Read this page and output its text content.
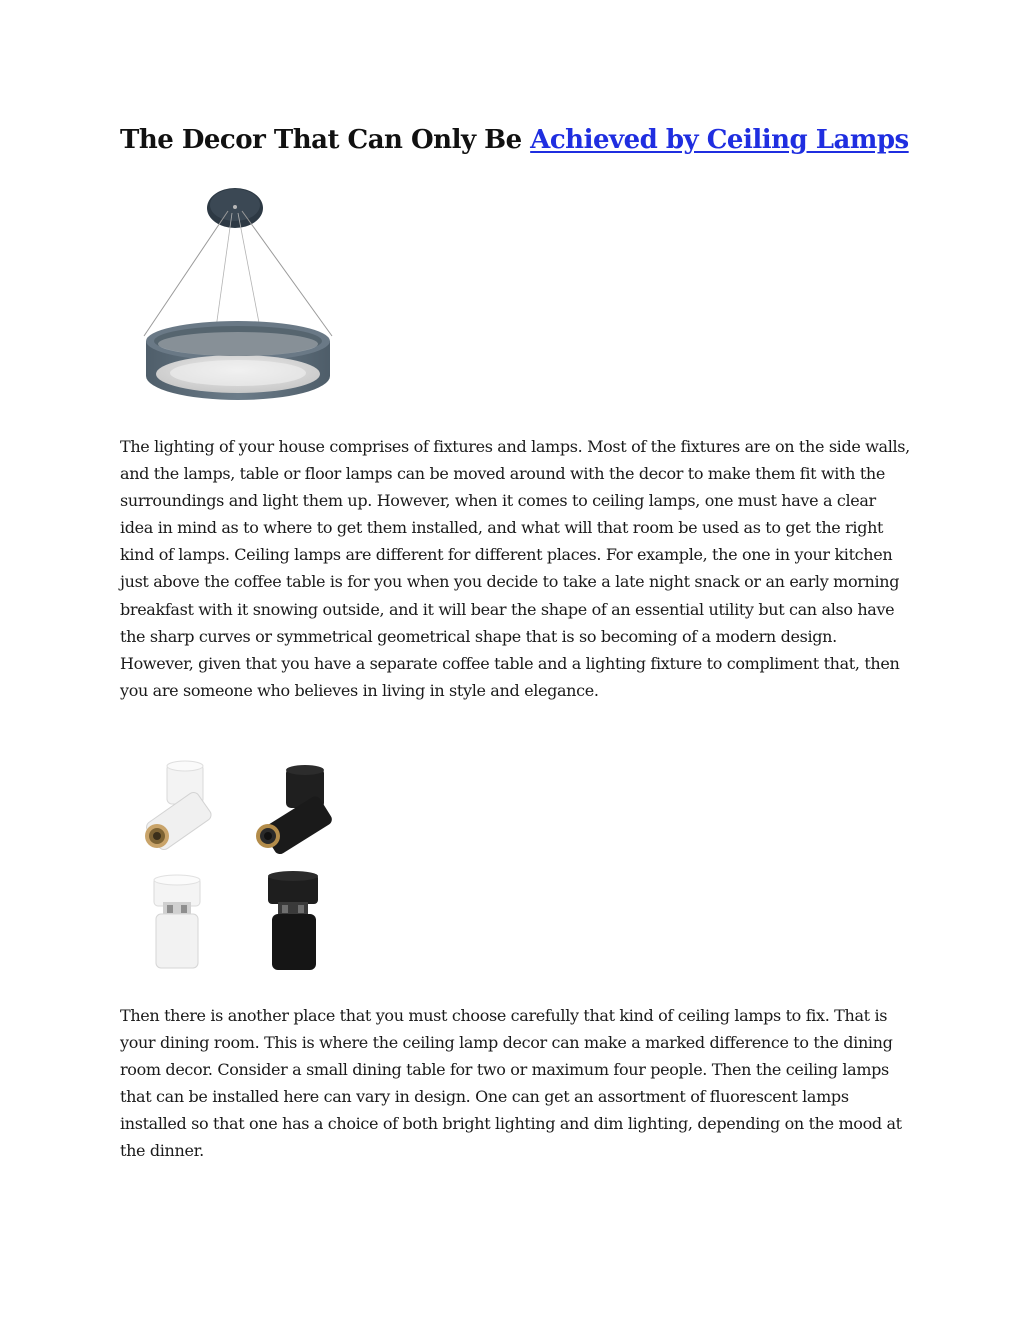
The Decor That Can Only Be Achieved by Ceiling Lamps

The lighting of your house comprises of fixtures and lamps. Most of the fixtures are on the side walls, and the lamps, table or floor lamps can be moved around with the decor to make them fit with the surroundings and light them up. However, when it comes to ceiling lamps, one must have a clear idea in mind as to where to get them installed, and what will that room be used as to get the right kind of lamps. Ceiling lamps are different for different places. For example, the one in your kitchen just above the coffee table is for you when you decide to take a late night snack or an early morning breakfast with it snowing outside, and it will bear the shape of an essential utility but can also have the sharp curves or symmetrical geometrical shape that is so becoming of a modern design. However, given that you have a separate coffee table and a lighting fixture to compliment that, then you are someone who believes in living in style and elegance.

Then there is another place that you must choose carefully that kind of ceiling lamps to fix. That is your dining room. This is where the ceiling lamp decor can make a marked difference to the dining room decor. Consider a small dining table for two or maximum four people. Then the ceiling lamps that can be installed here can vary in design. One can get an assortment of fluorescent lamps installed so that one has a choice of both bright lighting and dim lighting, depending on the mood at the dinner.
